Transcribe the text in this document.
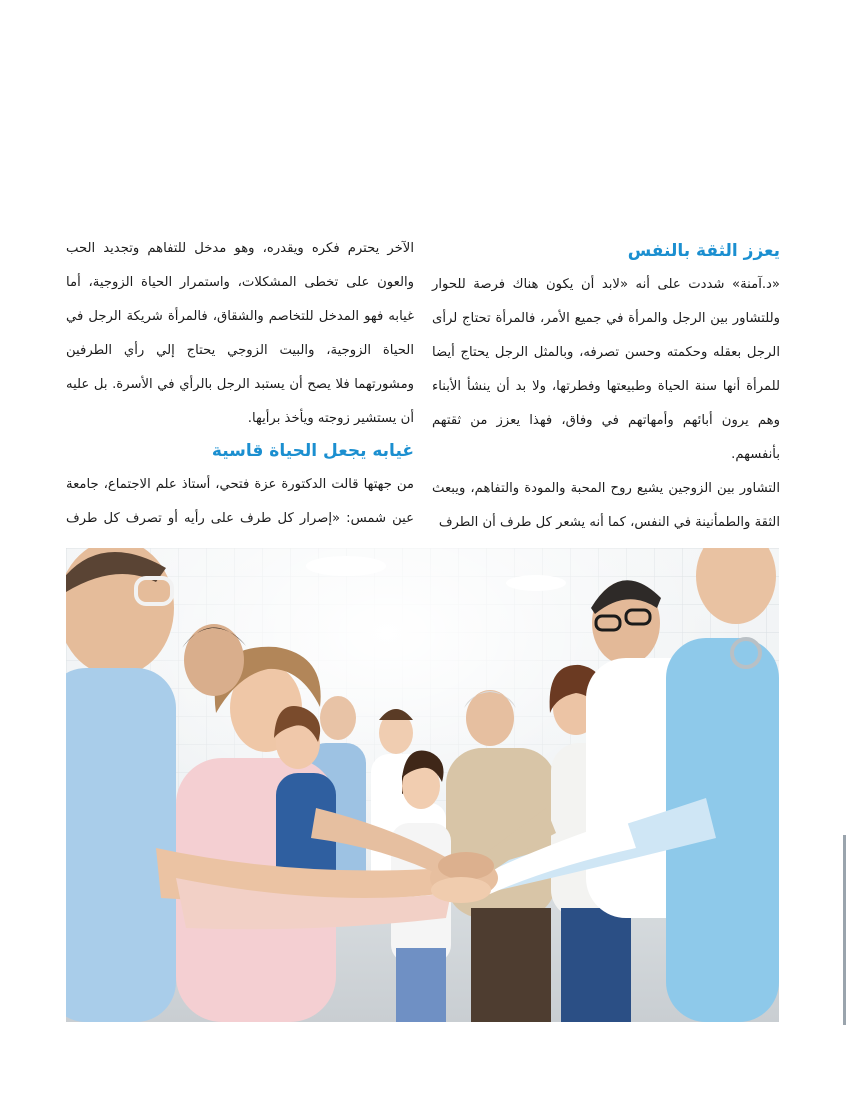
يعزز الثقة بالنفس

«د.آمنة» شددت على أنه «لابد أن يكون هناك فرصة للحوار وللتشاور بين الرجل والمرأة في جميع الأمر، فالمرأة تحتاج لرأى الرجل بعقله وحكمته وحسن تصرفه، وبالمثل الرجل يحتاج أيضا للمرأة أنها سنة الحياة وطبيعتها وفطرتها، ولا بد أن ينشأ الأبناء وهم يرون أبائهم وأمهاتهم في وفاق، فهذا يعزز من ثقتهم بأنفسهم.

التشاور بين الزوجين يشيع روح المحبة والمودة والتفاهم، ويبعث الثقة والطمأنينة في النفس، كما أنه يشعر كل طرف أن الطرف

الآخر يحترم فكره ويقدره، وهو مدخل للتفاهم وتجديد الحب والعون على تخطى المشكلات، واستمرار الحياة الزوجية، أما غيابه فهو المدخل للتخاصم والشقاق، فالمرأة شريكة الرجل في الحياة الزوجية، والبيت الزوجي يحتاج إلي رأي الطرفين ومشورتهما فلا يصح أن يستبد الرجل بالرأي في الأسرة. بل عليه أن يستشير زوجته ويأخذ برأيها.

غيابه يجعل الحياة قاسية

من جهتها قالت الدكتورة عزة فتحي، أستاذ علم الاجتماع، جامعة عين شمس: «إصرار كل طرف على رأيه أو تصرف كل طرف
